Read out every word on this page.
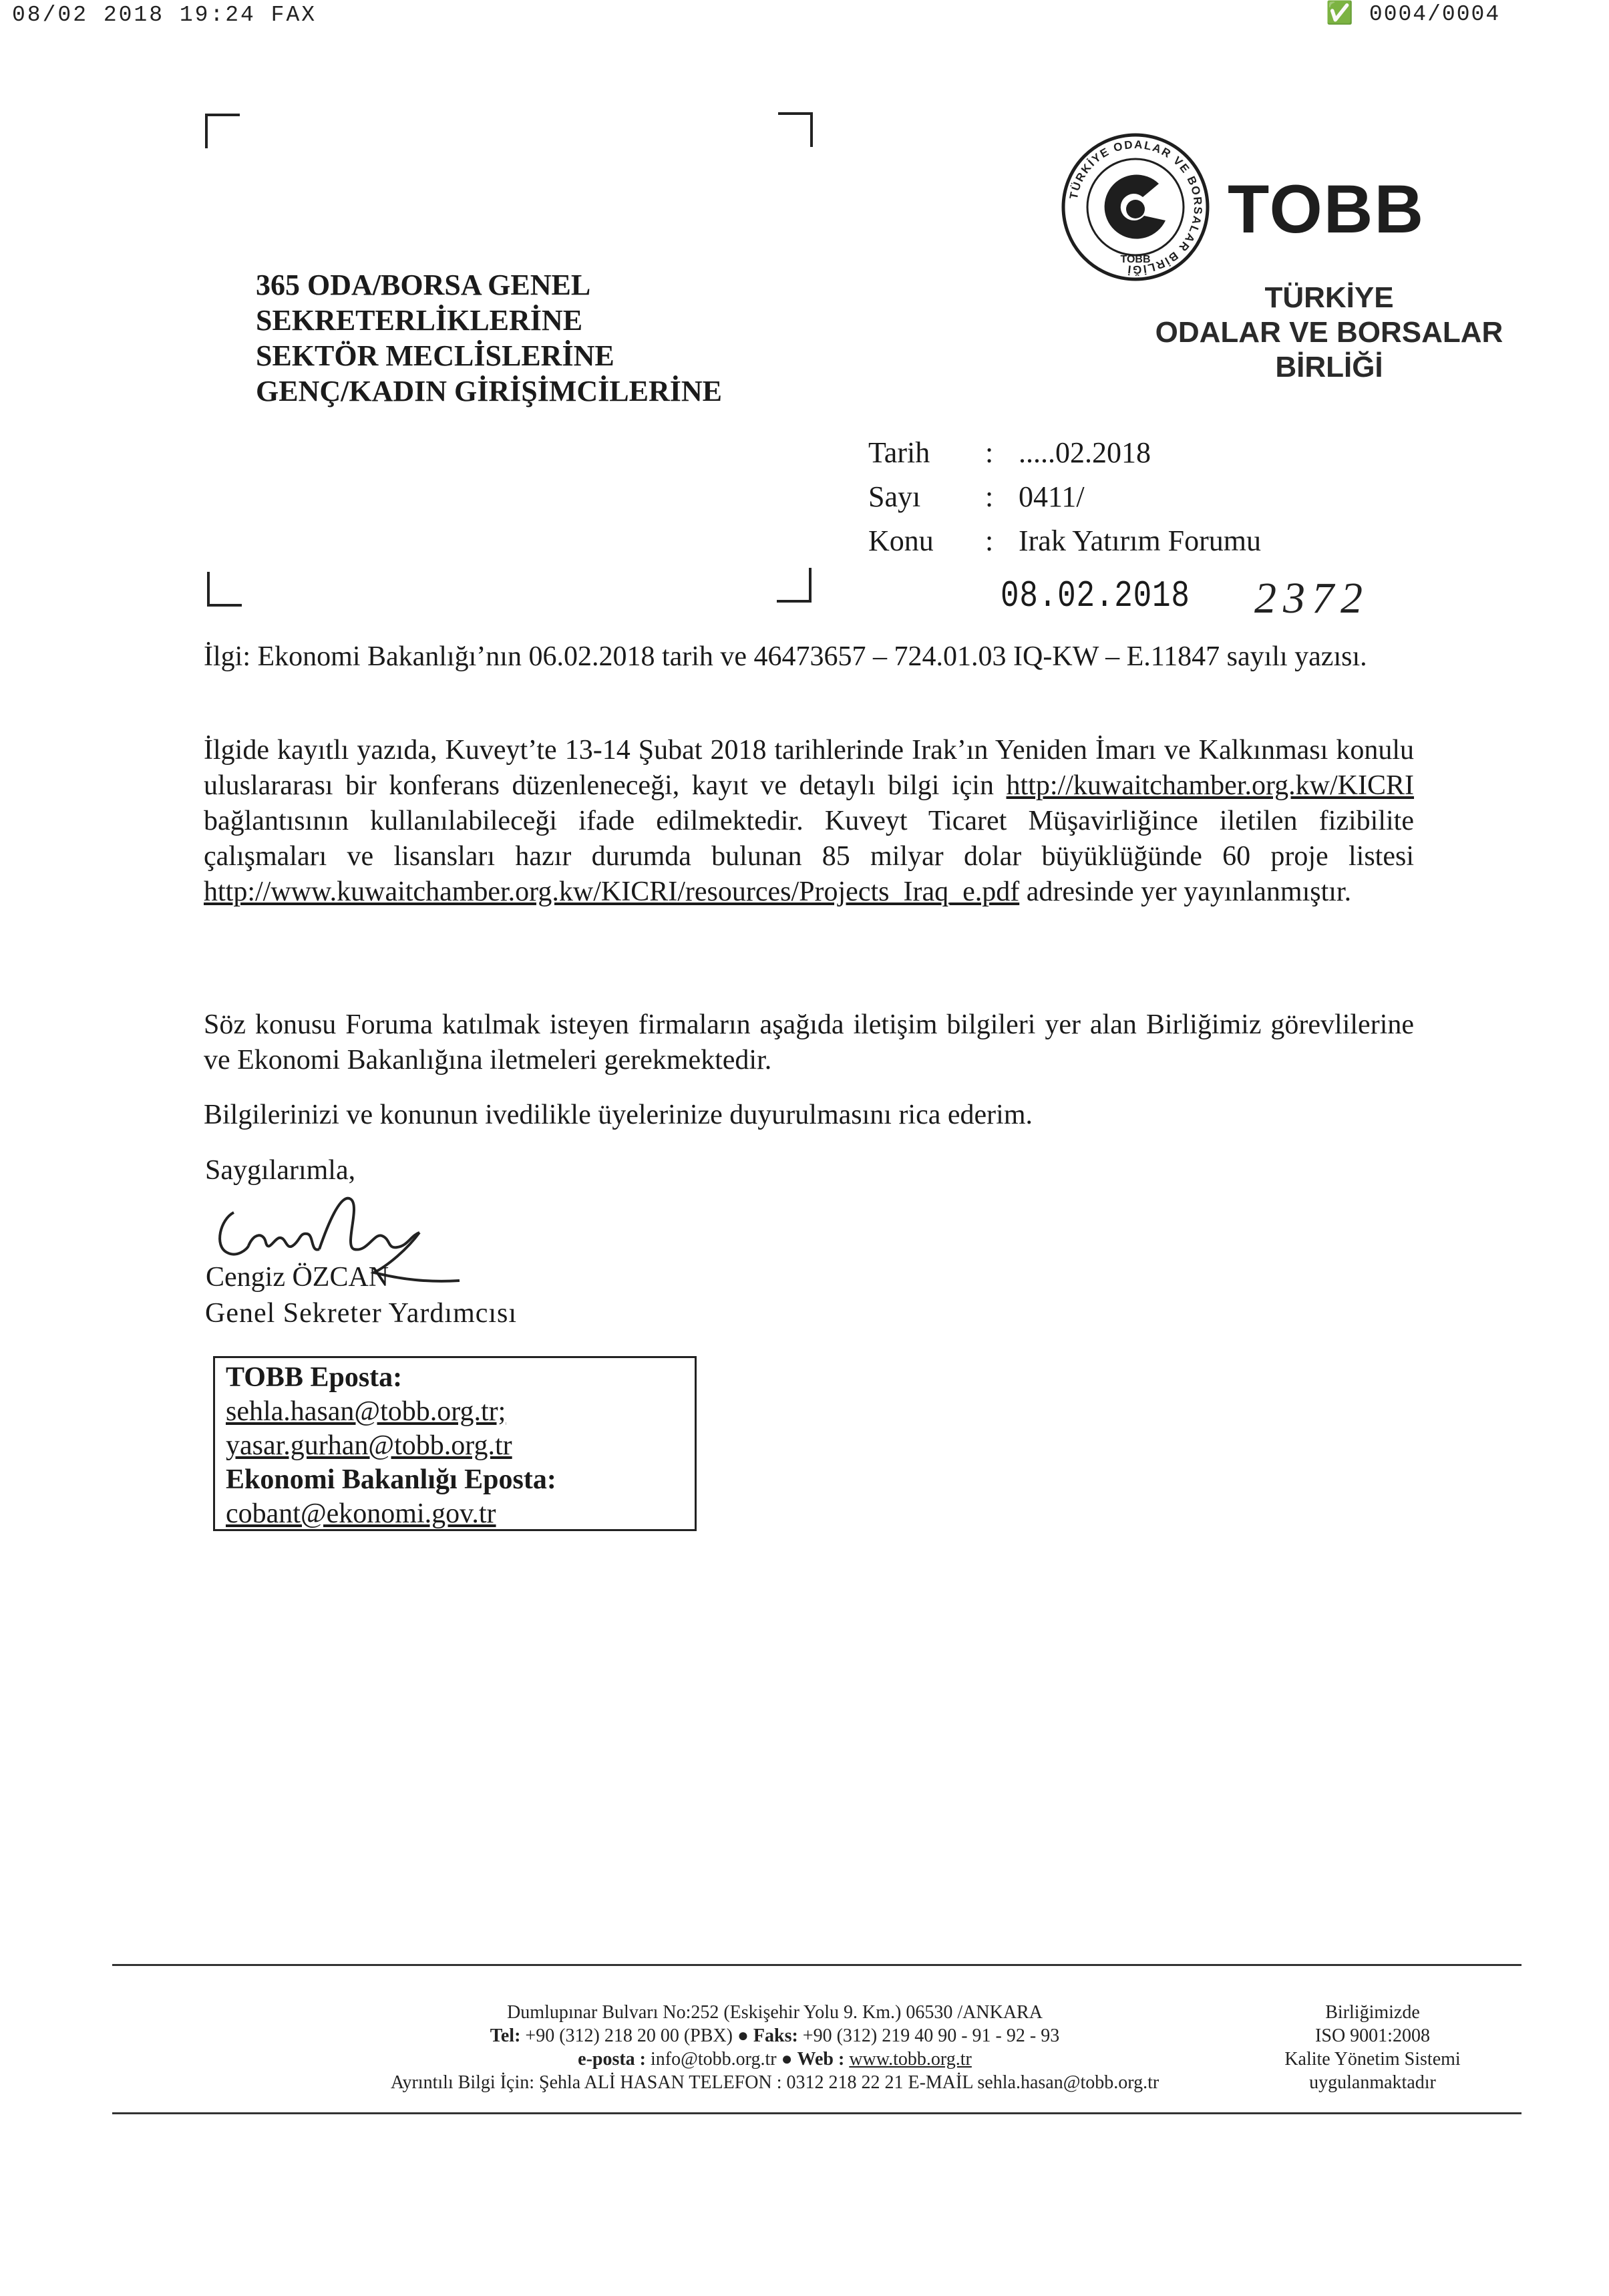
08/02 2018 19:24 FAX	✅ 0004/0004
TÜRKİYE ODALAR VE BORSALAR BİRLİĞİ
TOBB
TOBB
TÜRKİYE
ODALAR VE BORSALAR
BİRLİĞİ
365 ODA/BORSA GENEL
SEKRETERLİKLERİNE
SEKTÖR MECLİSLERİNE
GENÇ/KADIN GİRİŞİMCİLERİNE
Tarih	: .....02.2018
Sayı	: 0411/
Konu	: Irak Yatırım Forumu
08.02.2018 2372
İlgi: Ekonomi Bakanlığı’nın 06.02.2018 tarih ve 46473657 – 724.01.03 IQ-KW – E.11847 sayılı yazısı.
İlgide kayıtlı yazıda, Kuveyt’te 13-14 Şubat 2018 tarihlerinde Irak’ın Yeniden İmarı ve Kalkınması konulu uluslararası bir konferans düzenleneceği, kayıt ve detaylı bilgi için http://kuwaitchamber.org.kw/KICRI bağlantısının kullanılabileceği ifade edilmektedir. Kuveyt Ticaret Müşavirliğince iletilen fizibilite çalışmaları ve lisansları hazır durumda bulunan 85 milyar dolar büyüklüğünde 60 proje listesi http://www.kuwaitchamber.org.kw/KICRI/resources/Projects_Iraq_e.pdf adresinde yer yayınlanmıştır.
Söz konusu Foruma katılmak isteyen firmaların aşağıda iletişim bilgileri yer alan Birliğimiz görevlilerine ve Ekonomi Bakanlığına iletmeleri gerekmektedir.
Bilgilerinizi ve konunun ivedilikle üyelerinize duyurulmasını rica ederim.
Saygılarımla,
Cengiz ÖZCAN
Genel Sekreter Yardımcısı
TOBB Eposta:
sehla.hasan@tobb.org.tr;
yasar.gurhan@tobb.org.tr
Ekonomi Bakanlığı Eposta:
cobant@ekonomi.gov.tr
Dumlupınar Bulvarı No:252 (Eskişehir Yolu 9. Km.) 06530 /ANKARA
Tel: +90 (312) 218 20 00 (PBX) ● Faks: +90 (312) 219 40 90 - 91 - 92 - 93
e-posta : info@tobb.org.tr ● Web : www.tobb.org.tr
Ayrıntılı Bilgi İçin: Şehla ALİ HASAN TELEFON : 0312 218 22 21 E-MAİL sehla.hasan@tobb.org.tr
Birliğimizde
ISO 9001:2008
Kalite Yönetim Sistemi
uygulanmaktadır
